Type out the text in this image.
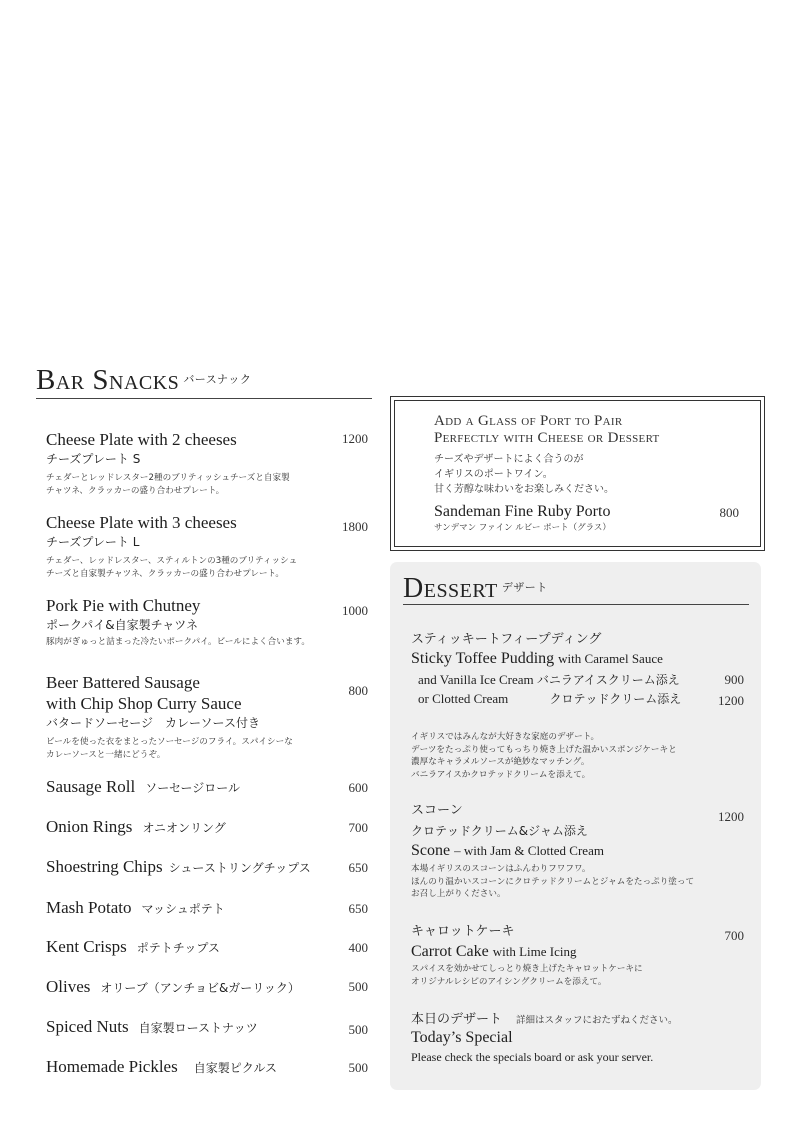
Bar Snacks $^{バースナック}$
Cheese Plate with 2 cheeses
チーズプレート S
チェダーとレッドレスター2種のブリティッシュチーズと自家製
チャツネ、クラッカーの盛り合わせプレート。
1200
Cheese Plate with 3 cheeses
チーズプレート L
チェダー、レッドレスター、スティルトンの3種のブリティッシュ
チーズと自家製チャツネ、クラッカーの盛り合わせプレート。
1800
Pork Pie with Chutney
ポークパイ&自家製チャツネ
豚肉がぎゅっと詰まった冷たいポークパイ。ビールによく合います。
1000
Beer Battered Sausage
with Chip Shop Curry Sauce
バタードソーセージ　カレーソース付き
ビールを使った衣をまとったソーセージのフライ。スパイシーな
カレーソースと一緒にどうぞ。
800
Sausage Roll ソーセージロール	600
Onion Rings オニオンリング	700
Shoestring Chips シューストリングチップス	650
Mash Potato マッシュポテト	650
Kent Crisps ポテトチップス	400
Olives オリーブ（アンチョビ&ガーリック）	500
Spiced Nuts 自家製ローストナッツ	500
Homemade Pickles 自家製ピクルス	500
Add a Glass of Port to Pair
Perfectly with Cheese or Dessert
チーズやデザートによく合うのが
イギリスのポートワイン。
甘く芳醇な味わいをお楽しみください。
Sandeman Fine Ruby Porto
サンデマン ファイン ルビー ポート（グラス）
800
Dessert $^{デザート}$
スティッキートフィープディング
Sticky Toffee Pudding with Caramel Sauce
and Vanilla Ice Cream バニラアイスクリーム添え	900
or Clotted Cream	クロテッドクリーム添え	1200
イギリスではみんなが大好きな家庭のデザート。
デーツをたっぷり使ってもっちり焼き上げた温かいスポンジケーキと
濃厚なキャラメルソースが絶妙なマッチング。
バニラアイスかクロテッドクリームを添えて。
スコーン	1200
クロテッドクリーム&ジャム添え
Scone – with Jam & Clotted Cream
本場イギリスのスコーンはふんわりフワフワ。
ほんのり温かいスコーンにクロテッドクリームとジャムをたっぷり塗って
お召し上がりください。
キャロットケーキ	700
Carrot Cake with Lime Icing
スパイスを効かせてしっとり焼き上げたキャロットケーキに
オリジナルレシピのアイシングクリームを添えて。
本日のデザート 詳細はスタッフにおたずねください。
Today’s Special
Please check the specials board or ask your server.
